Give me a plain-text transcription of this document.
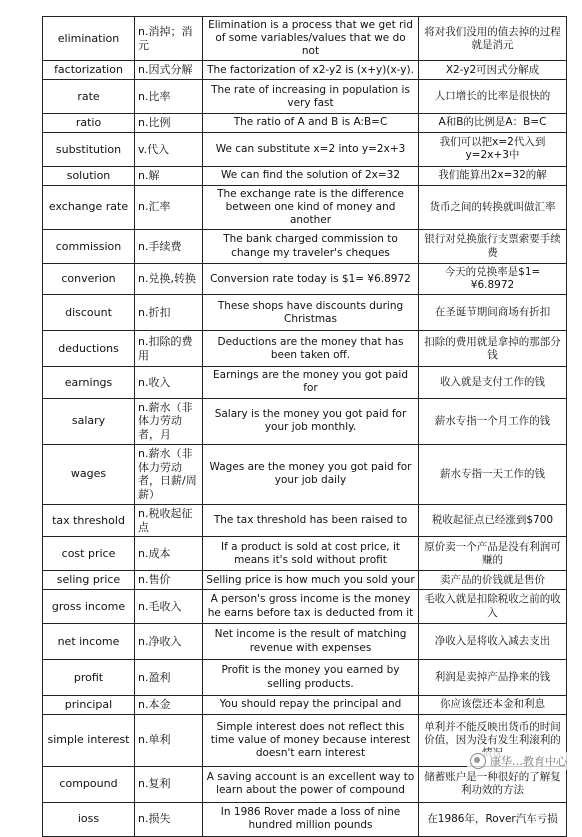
elimination	n.消掉；消元	Elimination is a process that we get rid of some variables/values that we do not	将对我们没用的值去掉的过程就是消元
factorization	n.因式分解	The factorization of x2-y2 is (x+y)(x-y).	X2-y2可因式分解成
rate	n.比率	The rate of increasing in population is very fast	人口增长的比率是很快的
ratio	n.比例	The ratio of A and B is A:B=C	A和B的比例是A：B=C
substitution	v.代入	We can substitute x=2 into y=2x+3	我们可以把x=2代入到y=2x+3中
solution	n.解	We can find the solution of 2x=32	我们能算出2x=32的解
exchange rate	n.汇率	The exchange rate is the difference between one kind of money and another	货币之间的转换就叫做汇率
commission	n.手续费	The bank charged commission to change my traveler's cheques	银行对兑换旅行支票索要手续费
converion	n.兑换,转换	Conversion rate today is $1= ¥6.8972	今天的兑换率是$1= ¥6.8972
discount	n.折扣	These shops have discounts during Christmas	在圣诞节期间商场有折扣
deductions	n.扣除的费用	Deductions are the money that has been taken off.	扣除的费用就是拿掉的那部分钱
earnings	n.收入	Earnings are the money you got paid for	收入就是支付工作的钱
salary	n.薪水（非体力劳动者，月	Salary is the money you got paid for your job monthly.	薪水专指一个月工作的钱
wages	n.薪水（非体力劳动者，日薪/周薪）	Wages are the money you got paid for your job daily	薪水专指一天工作的钱
tax threshold	n.税收起征点	The tax threshold has been raised to	税收起征点已经涨到$700
cost price	n.成本	If a product is sold at cost price, it means it's sold without profit	原价卖一个产品是没有利润可赚的
seling price	n.售价	Selling price is how much you sold your	卖产品的价钱就是售价
gross income	n.毛收入	A person's gross income is the money he earns before tax is deducted from it	毛收入就是扣除税收之前的收入
net income	n.净收入	Net income is the result of matching revenue with expenses	净收入是将收入减去支出
profit	n.盈利	Profit is the money you earned by selling products.	利润是卖掉产品挣来的钱
principal	n.本金	You should repay the principal and	你应该偿还本金和利息
simple interest	n.单利	Simple interest does not reflect this time value of money because interest doesn't earn interest	单利并不能反映出货币的时间价值，因为没有发生利滚利的
compound	n.复利	A saving account is an excellent way to learn about the power of compound	储蓄账户是一种很好的了解复利功效的方法
ioss	n.损失	In 1986 Rover made a loss of nine hundred million pounds	在1986年，Rover汽车亏损
康华…教育中心
